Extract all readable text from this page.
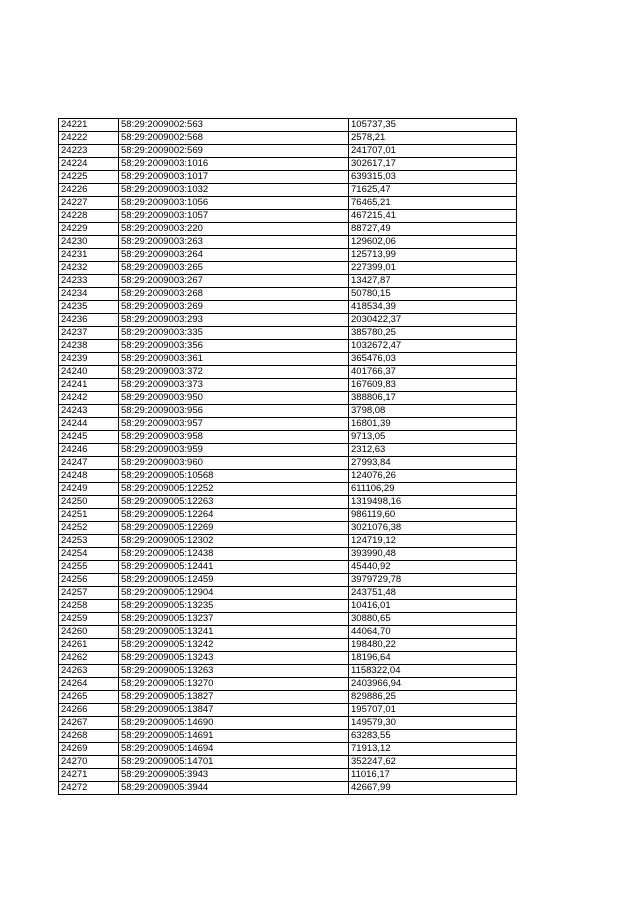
24221	58:29:2009002:563	105737,35
24222	58:29:2009002:568	2578,21
24223	58:29:2009002:569	241707,01
24224	58:29:2009003:1016	302617,17
24225	58:29:2009003:1017	639315,03
24226	58:29:2009003:1032	71625,47
24227	58:29:2009003:1056	76465,21
24228	58:29:2009003:1057	467215,41
24229	58:29:2009003:220	88727,49
24230	58:29:2009003:263	129602,06
24231	58:29:2009003:264	125713,99
24232	58:29:2009003:265	227399,01
24233	58:29:2009003:267	13427,87
24234	58:29:2009003:268	50780,15
24235	58:29:2009003:269	418534,39
24236	58:29:2009003:293	2030422,37
24237	58:29:2009003:335	385780,25
24238	58:29:2009003:356	1032672,47
24239	58:29:2009003:361	365476,03
24240	58:29:2009003:372	401766,37
24241	58:29:2009003:373	167609,83
24242	58:29:2009003:950	388806,17
24243	58:29:2009003:956	3798,08
24244	58:29:2009003:957	16801,39
24245	58:29:2009003:958	9713,05
24246	58:29:2009003:959	2312,63
24247	58:29:2009003:960	27993,84
24248	58:29:2009005:10568	124076,26
24249	58:29:2009005:12252	611106,29
24250	58:29:2009005:12263	1319498,16
24251	58:29:2009005:12264	986119,60
24252	58:29:2009005:12269	3021076,38
24253	58:29:2009005:12302	124719,12
24254	58:29:2009005:12438	393990,48
24255	58:29:2009005:12441	45440,92
24256	58:29:2009005:12459	3979729,78
24257	58:29:2009005:12904	243751,48
24258	58:29:2009005:13235	10416,01
24259	58:29:2009005:13237	30880,65
24260	58:29:2009005:13241	44064,70
24261	58:29:2009005:13242	198480,22
24262	58:29:2009005:13243	18196,64
24263	58:29:2009005:13263	1158322,04
24264	58:29:2009005:13270	2403966,94
24265	58:29:2009005:13827	829886,25
24266	58:29:2009005:13847	195707,01
24267	58:29:2009005:14690	149579,30
24268	58:29:2009005:14691	63283,55
24269	58:29:2009005:14694	71913,12
24270	58:29:2009005:14701	352247,62
24271	58:29:2009005:3943	11016,17
24272	58:29:2009005:3944	42667,99
